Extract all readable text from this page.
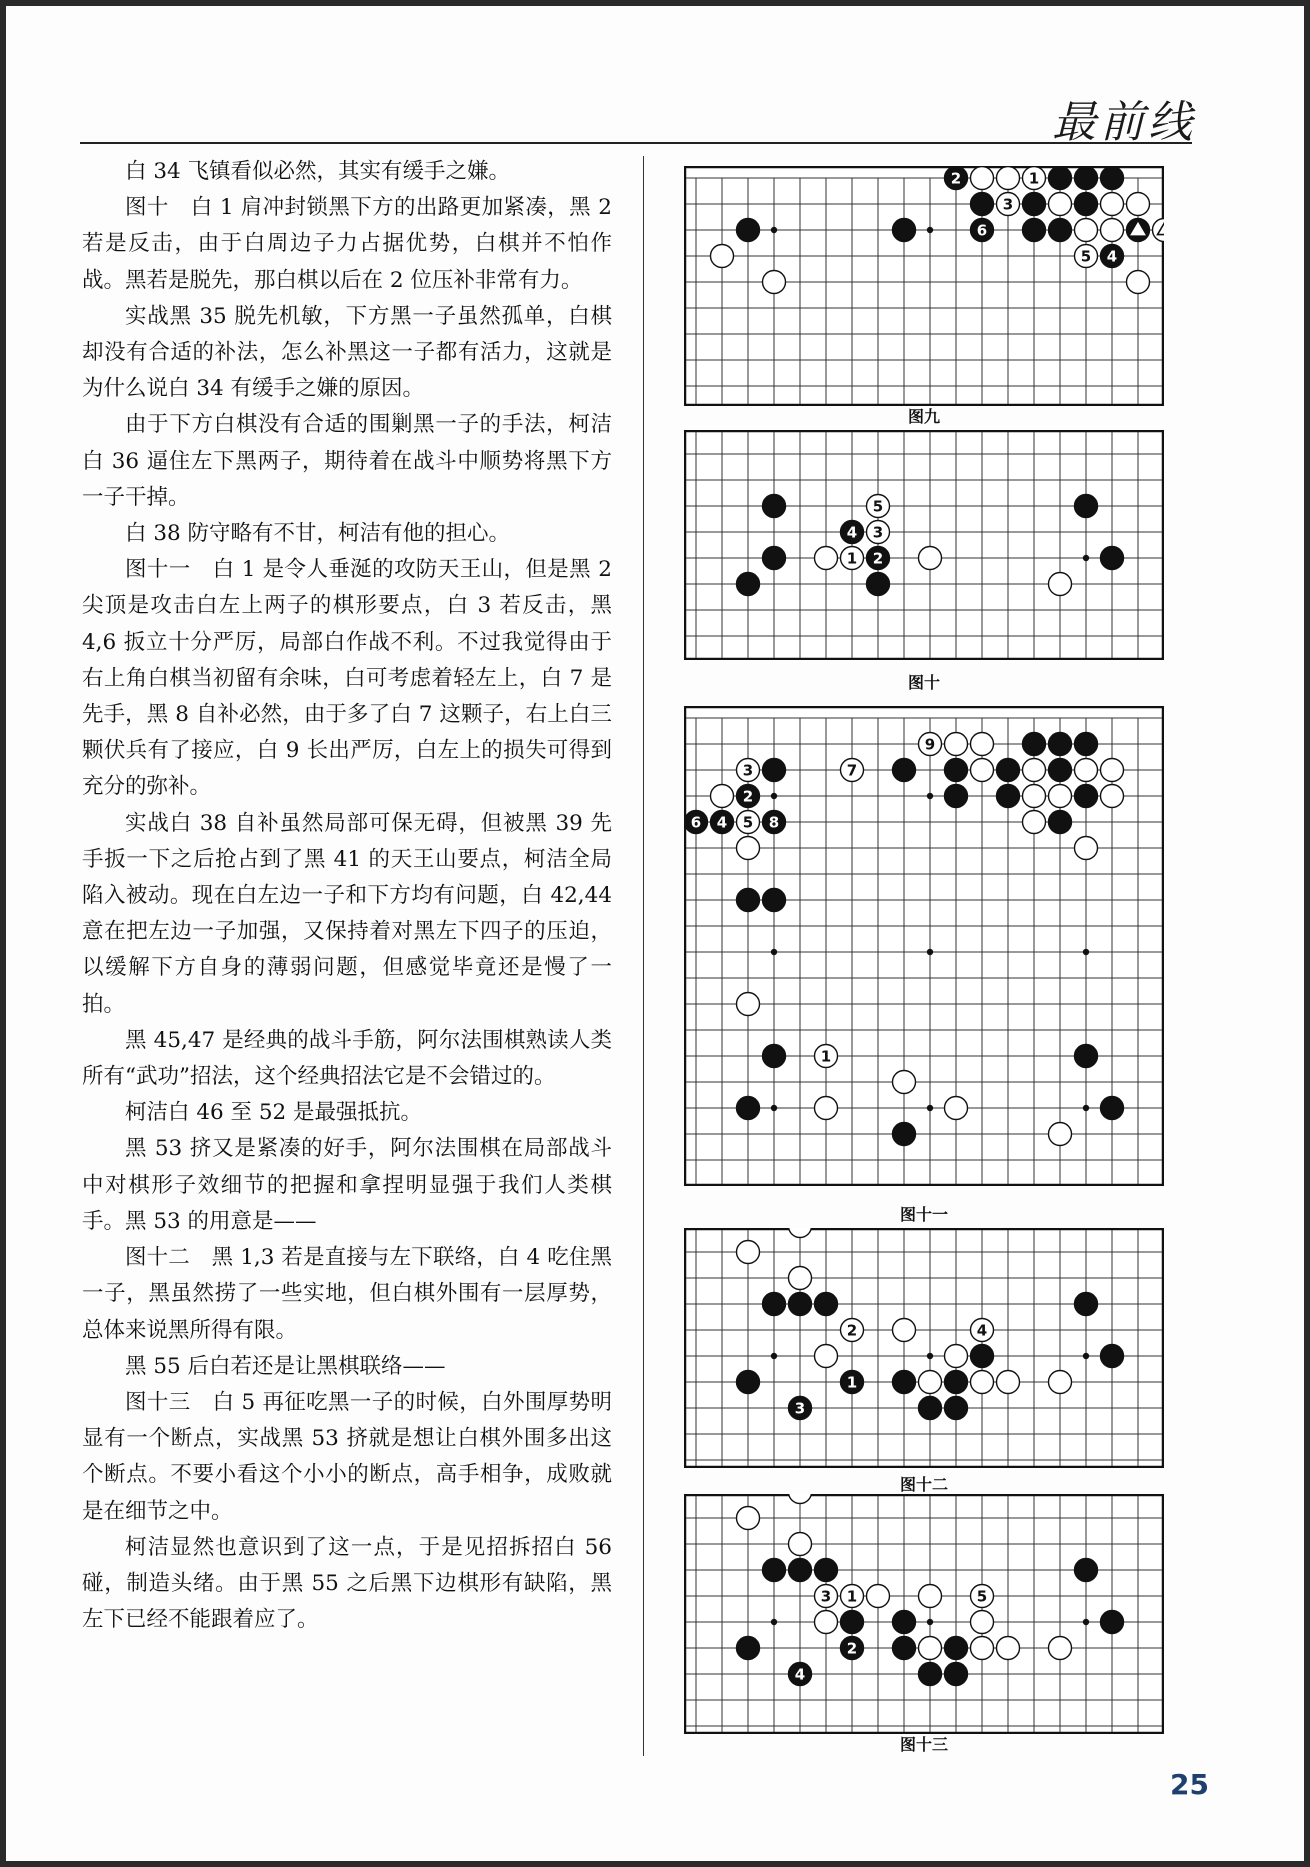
最前线

白 34 飞镇看似必然，其实有缓手之嫌。

图十　白 1 肩冲封锁黑下方的出路更加紧凑，黑 2 若是反击，由于白周边子力占据优势，白棋并不怕作战。黑若是脱先，那白棋以后在 2 位压补非常有力。

实战黑 35 脱先机敏，下方黑一子虽然孤单，白棋却没有合适的补法，怎么补黑这一子都有活力，这就是为什么说白 34 有缓手之嫌的原因。

由于下方白棋没有合适的围剿黑一子的手法，柯洁白 36 逼住左下黑两子，期待着在战斗中顺势将黑下方一子干掉。

白 38 防守略有不甘，柯洁有他的担心。

图十一　白 1 是令人垂涎的攻防天王山，但是黑 2 尖顶是攻击白左上两子的棋形要点，白 3 若反击，黑 4,6 扳立十分严厉，局部白作战不利。不过我觉得由于右上角白棋当初留有余味，白可考虑着轻左上，白 7 是先手，黑 8 自补必然，由于多了白 7 这颗子，右上白三颗伏兵有了接应，白 9 长出严厉，白左上的损失可得到充分的弥补。

实战白 38 自补虽然局部可保无碍，但被黑 39 先手扳一下之后抢占到了黑 41 的天王山要点，柯洁全局陷入被动。现在白左边一子和下方均有问题，白 42,44 意在把左边一子加强，又保持着对黑左下四子的压迫，以缓解下方自身的薄弱问题，但感觉毕竟还是慢了一拍。

黑 45,47 是经典的战斗手筋，阿尔法围棋熟读人类所有“武功”招法，这个经典招法它是不会错过的。

柯洁白 46 至 52 是最强抵抗。

黑 53 挤又是紧凑的好手，阿尔法围棋在局部战斗中对棋形子效细节的把握和拿捏明显强于我们人类棋手。黑 53 的用意是——

图十二　黑 1,3 若是直接与左下联络，白 4 吃住黑一子，黑虽然捞了一些实地，但白棋外围有一层厚势，总体来说黑所得有限。

黑 55 后白若还是让黑棋联络——

图十三　白 5 再征吃黑一子的时候，白外围厚势明显有一个断点，实战黑 53 挤就是想让白棋外围多出这个断点。不要小看这个小小的断点，高手相争，成败就是在细节之中。

柯洁显然也意识到了这一点，于是见招拆招白 56 碰，制造头绪。由于黑 55 之后黑下边棋形有缺陷，黑左下已经不能跟着应了。

2	1
3
6
5 4
图九
5
4 3
1 2
图十
3	7
2
6 4 5 8
9
1
图十一
2	4
1
3
图十二
3 1	5
2
4
图十三
25
